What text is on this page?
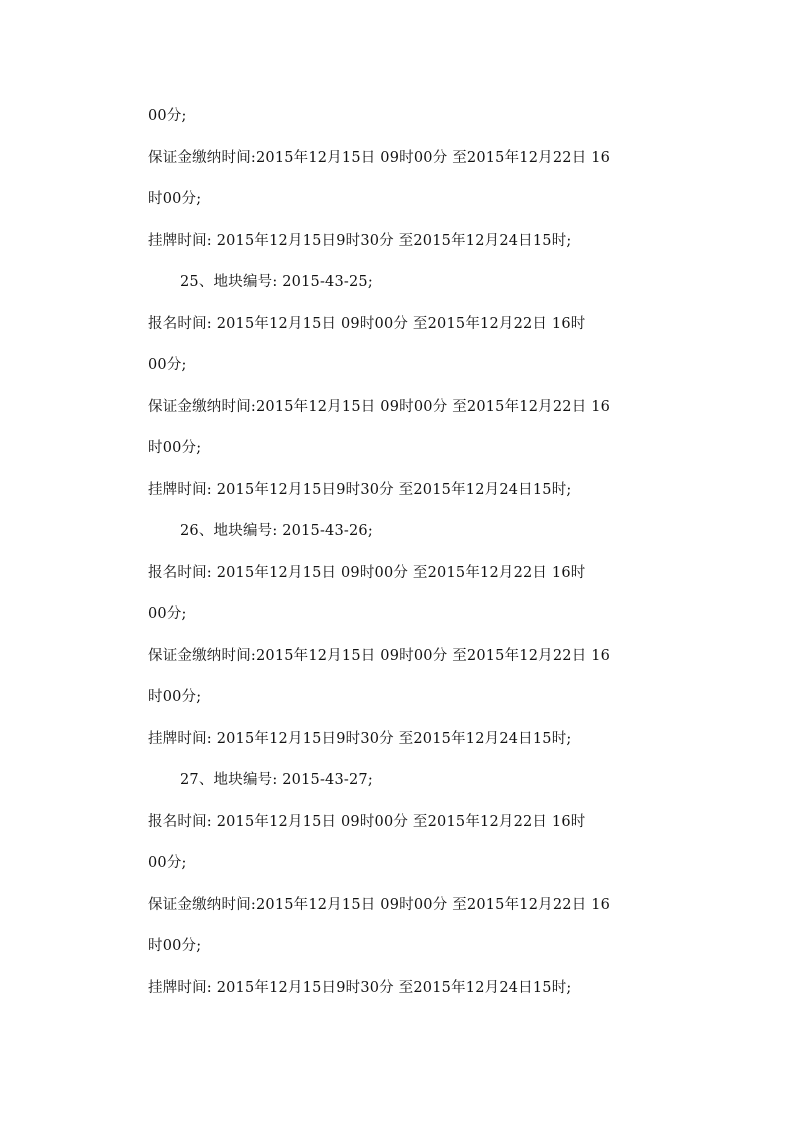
00分;
保证金缴纳时间:2015年12月15日 09时00分 至2015年12月22日 16
时00分;
挂牌时间: 2015年12月15日9时30分 至2015年12月24日15时;
25、地块编号: 2015-43-25;
报名时间: 2015年12月15日 09时00分 至2015年12月22日 16时
00分;
保证金缴纳时间:2015年12月15日 09时00分 至2015年12月22日 16
时00分;
挂牌时间: 2015年12月15日9时30分 至2015年12月24日15时;
26、地块编号: 2015-43-26;
报名时间: 2015年12月15日 09时00分 至2015年12月22日 16时
00分;
保证金缴纳时间:2015年12月15日 09时00分 至2015年12月22日 16
时00分;
挂牌时间: 2015年12月15日9时30分 至2015年12月24日15时;
27、地块编号: 2015-43-27;
报名时间: 2015年12月15日 09时00分 至2015年12月22日 16时
00分;
保证金缴纳时间:2015年12月15日 09时00分 至2015年12月22日 16
时00分;
挂牌时间: 2015年12月15日9时30分 至2015年12月24日15时;
